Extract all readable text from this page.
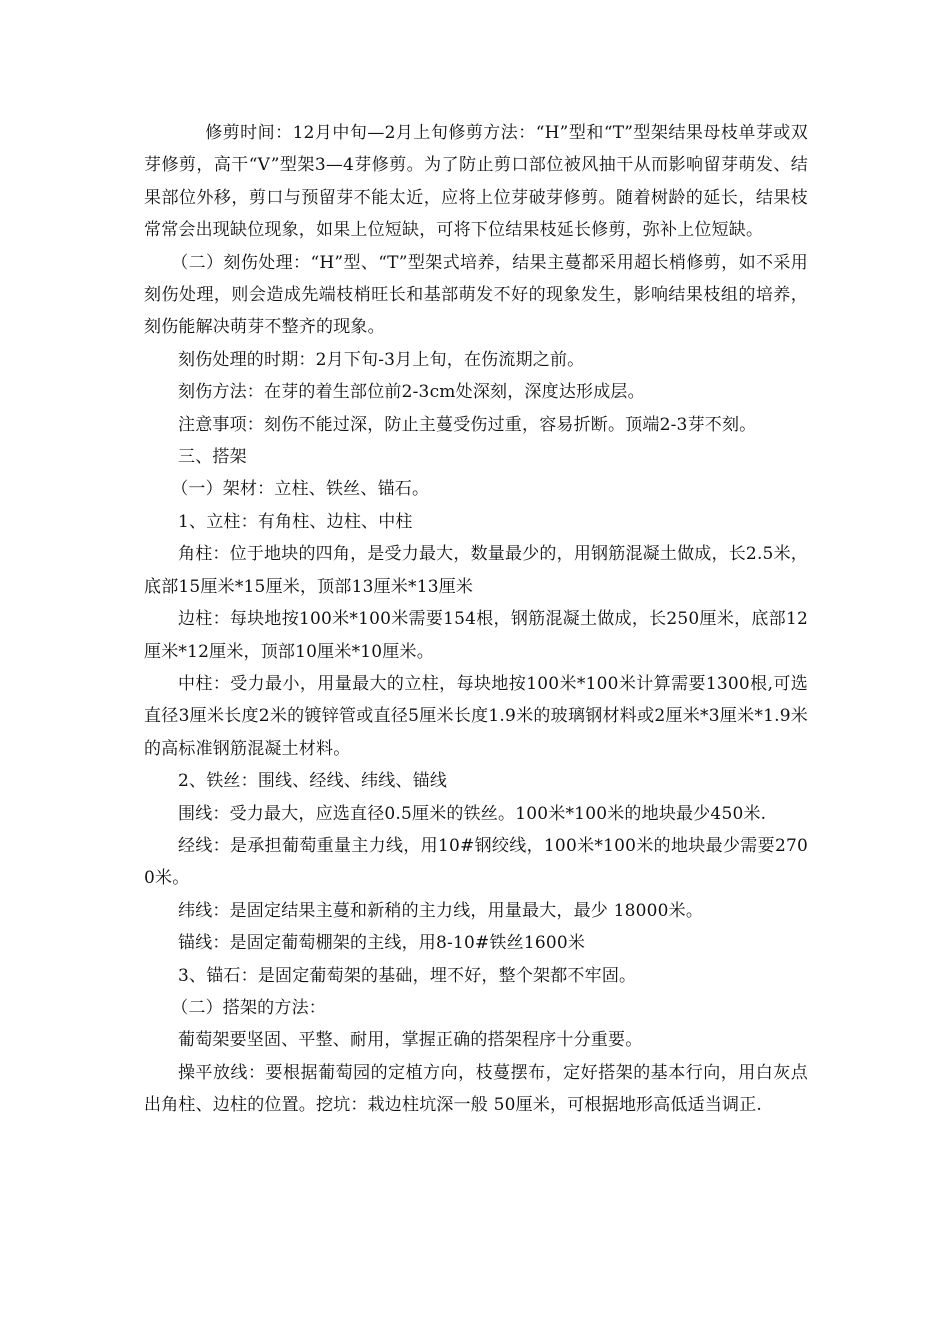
修剪时间：12月中旬—2月上旬修剪方法：“H”型和“T”型架结果母枝单芽或双芽修剪，高干“V”型架3—4芽修剪。为了防止剪口部位被风抽干从而影响留芽萌发、结果部位外移，剪口与预留芽不能太近，应将上位芽破芽修剪。随着树龄的延长，结果枝常常会出现缺位现象，如果上位短缺，可将下位结果枝延长修剪，弥补上位短缺。

（二）刻伤处理：“H”型、“T”型架式培养，结果主蔓都采用超长梢修剪，如不采用刻伤处理，则会造成先端枝梢旺长和基部萌发不好的现象发生，影响结果枝组的培养，刻伤能解决萌芽不整齐的现象。

刻伤处理的时期：2月下旬-3月上旬，在伤流期之前。

刻伤方法：在芽的着生部位前2-3cm处深刻，深度达形成层。

注意事项：刻伤不能过深，防止主蔓受伤过重，容易折断。顶端2-3芽不刻。

三、搭架

（一）架材：立柱、铁丝、锚石。

1、立柱：有角柱、边柱、中柱

角柱：位于地块的四角，是受力最大，数量最少的，用钢筋混凝土做成，长2.5米，底部15厘米*15厘米，顶部13厘米*13厘米

边柱：每块地按100米*100米需要154根，钢筋混凝土做成，长250厘米，底部12厘米*12厘米，顶部10厘米*10厘米。

中柱：受力最小，用量最大的立柱，每块地按100米*100米计算需要1300根,可选直径3厘米长度2米的镀锌管或直径5厘米长度1.9米的玻璃钢材料或2厘米*3厘米*1.9米的高标准钢筋混凝土材料。

2、铁丝：围线、经线、纬线、锚线

围线：受力最大，应选直径0.5厘米的铁丝。100米*100米的地块最少450米.

经线：是承担葡萄重量主力线，用10#钢绞线，100米*100米的地块最少需要2700米。

纬线：是固定结果主蔓和新稍的主力线，用量最大，最少 18000米。

锚线：是固定葡萄棚架的主线，用8-10#铁丝1600米

3、锚石：是固定葡萄架的基础，埋不好，整个架都不牢固。

（二）搭架的方法：

葡萄架要坚固、平整、耐用，掌握正确的搭架程序十分重要。

操平放线：要根据葡萄园的定植方向，枝蔓摆布，定好搭架的基本行向，用白灰点出角柱、边柱的位置。挖坑：栽边柱坑深一般 50厘米，可根据地形高低适当调正.
